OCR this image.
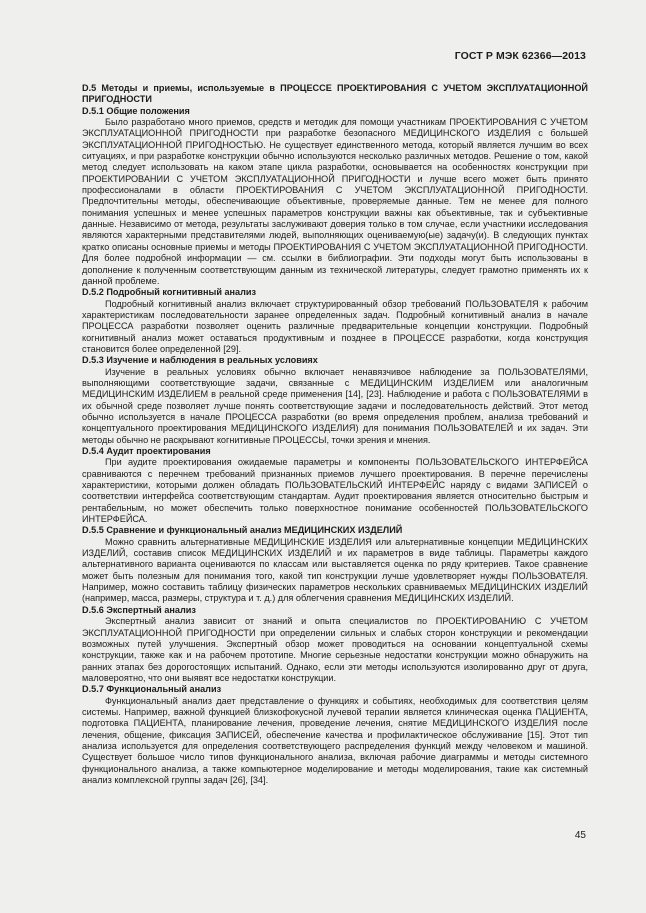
ГОСТ Р МЭК 62366—2013
D.5 Методы и приемы, используемые в ПРОЦЕССЕ ПРОЕКТИРОВАНИЯ С УЧЕТОМ ЭКСПЛУАТАЦИОННОЙ ПРИГОДНОСТИ
D.5.1 Общие положения

Было разработано много приемов, средств и методик для помощи участникам ПРОЕКТИРОВАНИЯ С УЧЕТОМ ЭКСПЛУАТАЦИОННОЙ ПРИГОДНОСТИ при разработке безопасного МЕДИЦИНСКОГО ИЗДЕЛИЯ с большей ЭКСПЛУАТАЦИОННОЙ ПРИГОДНОСТЬЮ. Не существует единственного метода, который является лучшим во всех ситуациях, и при разработке конструкции обычно используются несколько различных методов. Решение о том, какой метод следует использовать на каком этапе цикла разработки, основывается на особенностях конструкции при ПРОЕКТИРОВАНИИ С УЧЕТОМ ЭКСПЛУАТАЦИОННОЙ ПРИГОДНОСТИ и лучше всего может быть принято профессионалами в области ПРОЕКТИРОВАНИЯ С УЧЕТОМ ЭКСПЛУАТАЦИОННОЙ ПРИГОДНОСТИ. Предпочтительны методы, обеспечивающие объективные, проверяемые данные. Тем не менее для полного понимания успешных и менее успешных параметров конструкции важны как объективные, так и субъективные данные. Независимо от метода, результаты заслуживают доверия только в том случае, если участники исследования являются характерными представителями людей, выполняющих оцениваемую(ые) задачу(и). В следующих пунктах кратко описаны основные приемы и методы ПРОЕКТИРОВАНИЯ С УЧЕТОМ ЭКСПЛУАТАЦИОННОЙ ПРИГОДНОСТИ. Для более подробной информации — см. ссылки в библиографии. Эти подходы могут быть использованы в дополнение к полученным соответствующим данным из технической литературы, следует грамотно применять их к данной проблеме.

D.5.2 Подробный когнитивный анализ

Подробный когнитивный анализ включает структурированный обзор требований ПОЛЬЗОВАТЕЛЯ к рабочим характеристикам последовательности заранее определенных задач. Подробный когнитивный анализ в начале ПРОЦЕССА разработки позволяет оценить различные предварительные концепции конструкции. Подробный когнитивный анализ может оставаться продуктивным и позднее в ПРОЦЕССЕ разработки, когда конструкция становится более определенной [29].

D.5.3 Изучение и наблюдения в реальных условиях

Изучение в реальных условиях обычно включает ненавязчивое наблюдение за ПОЛЬЗОВАТЕЛЯМИ, выполняющими соответствующие задачи, связанные с МЕДИЦИНСКИМ ИЗДЕЛИЕМ или аналогичным МЕДИЦИНСКИМ ИЗДЕЛИЕМ в реальной среде применения [14], [23]. Наблюдение и работа с ПОЛЬЗОВАТЕЛЯМИ в их обычной среде позволяет лучше понять соответствующие задачи и последовательность действий. Этот метод обычно используется в начале ПРОЦЕССА разработки (во время определения проблем, анализа требований и концептуального проектирования МЕДИЦИНСКОГО ИЗДЕЛИЯ) для понимания ПОЛЬЗОВАТЕЛЕЙ и их задач. Эти методы обычно не раскрывают когнитивные ПРОЦЕССЫ, точки зрения и мнения.

D.5.4 Аудит проектирования

При аудите проектирования ожидаемые параметры и компоненты ПОЛЬЗОВАТЕЛЬСКОГО ИНТЕРФЕЙСА сравниваются с перечнем требований признанных приемов лучшего проектирования. В перечне перечислены характеристики, которыми должен обладать ПОЛЬЗОВАТЕЛЬСКИЙ ИНТЕРФЕЙС наряду с видами ЗАПИСЕЙ о соответствии интерфейса соответствующим стандартам. Аудит проектирования является относительно быстрым и рентабельным, но может обеспечить только поверхностное понимание особенностей ПОЛЬЗОВАТЕЛЬСКОГО ИНТЕРФЕЙСА.

D.5.5 Сравнение и функциональный анализ МЕДИЦИНСКИХ ИЗДЕЛИЙ

Можно сравнить альтернативные МЕДИЦИНСКИЕ ИЗДЕЛИЯ или альтернативные концепции МЕДИЦИНСКИХ ИЗДЕЛИЙ, составив список МЕДИЦИНСКИХ ИЗДЕЛИЙ и их параметров в виде таблицы. Параметры каждого альтернативного варианта оцениваются по классам или выставляется оценка по ряду критериев. Такое сравнение может быть полезным для понимания того, какой тип конструкции лучше удовлетворяет нужды ПОЛЬЗОВАТЕЛЯ. Например, можно составить таблицу физических параметров нескольких сравниваемых МЕДИЦИНСКИХ ИЗДЕЛИЙ (например, масса, размеры, структура и т. д.) для облегчения сравнения МЕДИЦИНСКИХ ИЗДЕЛИЙ.

D.5.6 Экспертный анализ

Экспертный анализ зависит от знаний и опыта специалистов по ПРОЕКТИРОВАНИЮ С УЧЕТОМ ЭКСПЛУАТАЦИОННОЙ ПРИГОДНОСТИ при определении сильных и слабых сторон конструкции и рекомендации возможных путей улучшения. Экспертный обзор может проводиться на основании концептуальной схемы конструкции, также как и на рабочем прототипе. Многие серьезные недостатки конструкции можно обнаружить на ранних этапах без дорогостоящих испытаний. Однако, если эти методы используются изолированно друг от друга, маловероятно, что они выявят все недостатки конструкции.

D.5.7 Функциональный анализ

Функциональный анализ дает представление о функциях и событиях, необходимых для соответствия целям системы. Например, важной функцией близкофокусной лучевой терапии является клиническая оценка ПАЦИЕНТА, подготовка ПАЦИЕНТА, планирование лечения, проведение лечения, снятие МЕДИЦИНСКОГО ИЗДЕЛИЯ после лечения, общение, фиксация ЗАПИСЕЙ, обеспечение качества и профилактическое обслуживание [15]. Этот тип анализа используется для определения соответствующего распределения функций между человеком и машиной. Существует большое число типов функционального анализа, включая рабочие диаграммы и методы системного функционального анализа, а также компьютерное моделирование и методы моделирования, такие как системный анализ комплексной группы задач [26], [34].

45
